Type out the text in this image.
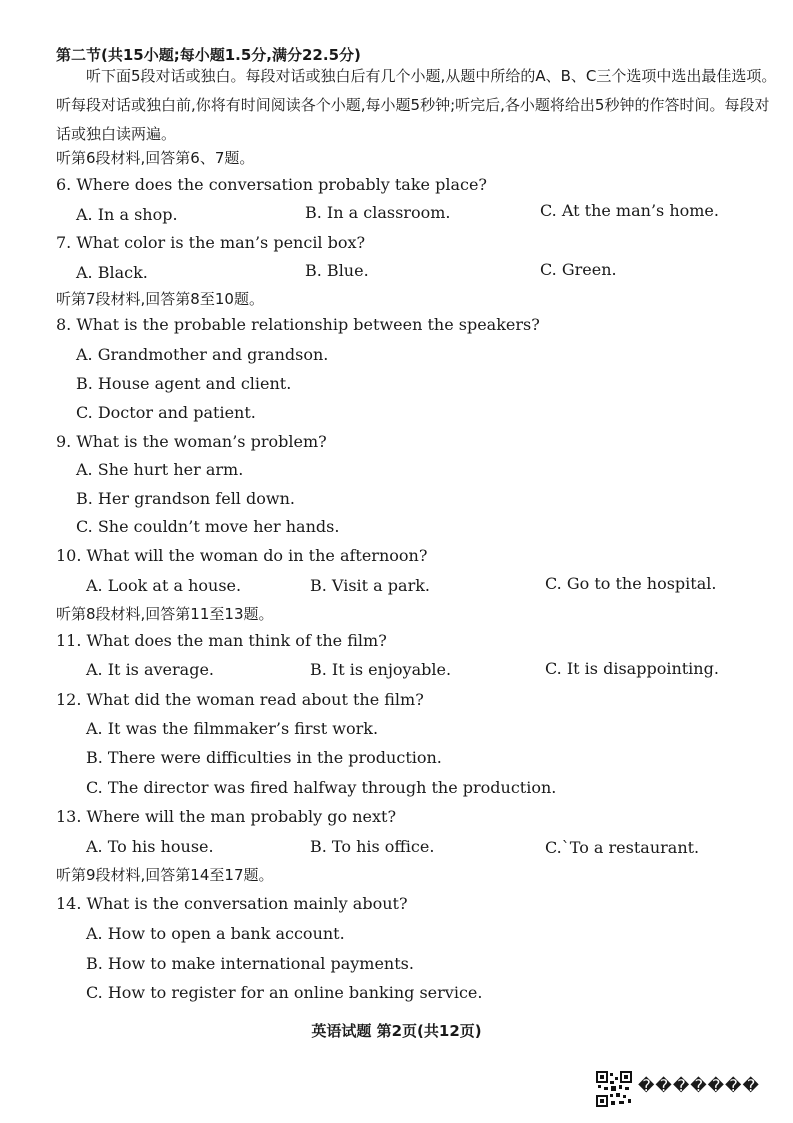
第二节(共15小题;每小题1.5分,满分22.5分)
听下面5段对话或独白。每段对话或独白后有几个小题,从题中所给的A、B、C三个选项中选出最佳选项。听每段对话或独白前,你将有时间阅读各个小题,每小题5秒钟;听完后,各小题将给出5秒钟的作答时间。每段对话或独白读两遍。
听第6段材料,回答第6、7题。
6. Where does the conversation probably take place?
A. In a shop.	B. In a classroom.	C. At the man’s home.
7. What color is the man’s pencil box?
A. Black.	B. Blue.	C. Green.
听第7段材料,回答第8至10题。
8. What is the probable relationship between the speakers?
A. Grandmother and grandson.
B. House agent and client.
C. Doctor and patient.
9. What is the woman’s problem?
A. She hurt her arm.
B. Her grandson fell down.
C. She couldn’t move her hands.
10. What will the woman do in the afternoon?
A. Look at a house.	B. Visit a park.	C. Go to the hospital.
听第8段材料,回答第11至13题。
11. What does the man think of the film?
A. It is average.	B. It is enjoyable.	C. It is disappointing.
12. What did the woman read about the film?
A. It was the filmmaker’s first work.
B. There were difficulties in the production.
C. The director was fired halfway through the production.
13. Where will the man probably go next?
A. To his house.	B. To his office.	C.`To a restaurant.
听第9段材料,回答第14至17题。
14. What is the conversation mainly about?
A. How to open a bank account.
B. How to make international payments.
C. How to register for an online banking service.
英语试题 第2页(共12页)
�������
